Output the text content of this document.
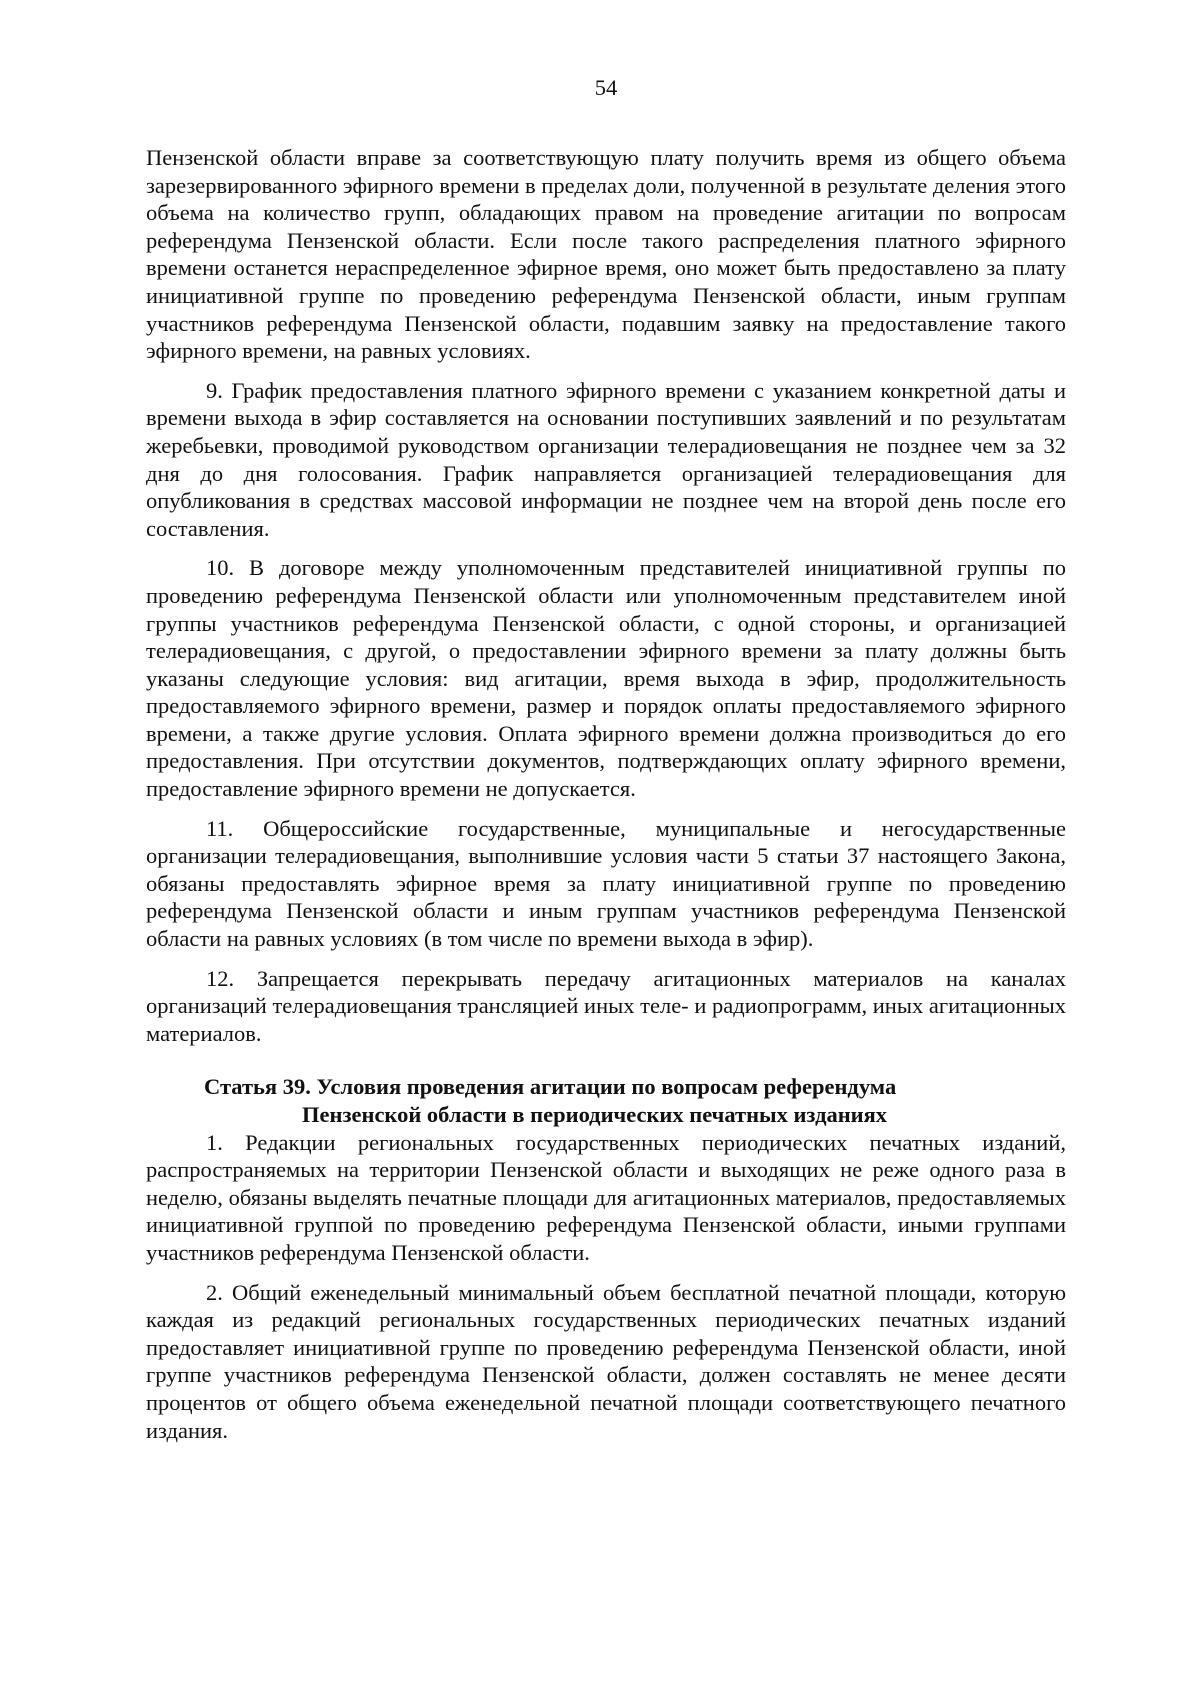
54

Пензенской области вправе за соответствующую плату получить время из общего объема зарезервированного эфирного времени в пределах доли, полученной в результате деления этого объема на количество групп, обладающих правом на проведение агитации по вопросам референдума Пензенской области. Если после такого распределения платного эфирного времени останется нераспределенное эфирное время, оно может быть предоставлено за плату инициативной группе по проведению референдума Пензенской области, иным группам участников референдума Пензенской области, подавшим заявку на предоставление такого эфирного времени, на равных условиях.

9. График предоставления платного эфирного времени с указанием конкретной даты и времени выхода в эфир составляется на основании поступивших заявлений и по результатам жеребьевки, проводимой руководством организации телерадиовещания не позднее чем за 32 дня до дня голосования. График направляется организацией телерадиовещания для опубликования в средствах массовой информации не позднее чем на второй день после его составления.

10. В договоре между уполномоченным представителей инициативной группы по проведению референдума Пензенской области или уполномоченным представителем иной группы участников референдума Пензенской области, с одной стороны, и организацией телерадиовещания, с другой, о предоставлении эфирного времени за плату должны быть указаны следующие условия: вид агитации, время выхода в эфир, продолжительность предоставляемого эфирного времени, размер и порядок оплаты предоставляемого эфирного времени, а также другие условия. Оплата эфирного времени должна производиться до его предоставления. При отсутствии документов, подтверждающих оплату эфирного времени, предоставление эфирного времени не допускается.

11. Общероссийские государственные, муниципальные и негосударственные организации телерадиовещания, выполнившие условия части 5 статьи 37 настоящего Закона, обязаны предоставлять эфирное время за плату инициативной группе по проведению референдума Пензенской области и иным группам участников референдума Пензенской области на равных условиях (в том числе по времени выхода в эфир).

12. Запрещается перекрывать передачу агитационных материалов на каналах организаций телерадиовещания трансляцией иных теле- и радиопрограмм, иных агитационных материалов.

Статья 39. Условия проведения агитации по вопросам референдума
Пензенской области в периодических печатных изданиях

1. Редакции региональных государственных периодических печатных изданий, распространяемых на территории Пензенской области и выходящих не реже одного раза в неделю, обязаны выделять печатные площади для агитационных материалов, предоставляемых инициативной группой по проведению референдума Пензенской области, иными группами участников референдума Пензенской области.

2. Общий еженедельный минимальный объем бесплатной печатной площади, которую каждая из редакций региональных государственных периодических печатных изданий предоставляет инициативной группе по проведению референдума Пензенской области, иной группе участников референдума Пензенской области, должен составлять не менее десяти процентов от общего объема еженедельной печатной площади соответствующего печатного издания.
